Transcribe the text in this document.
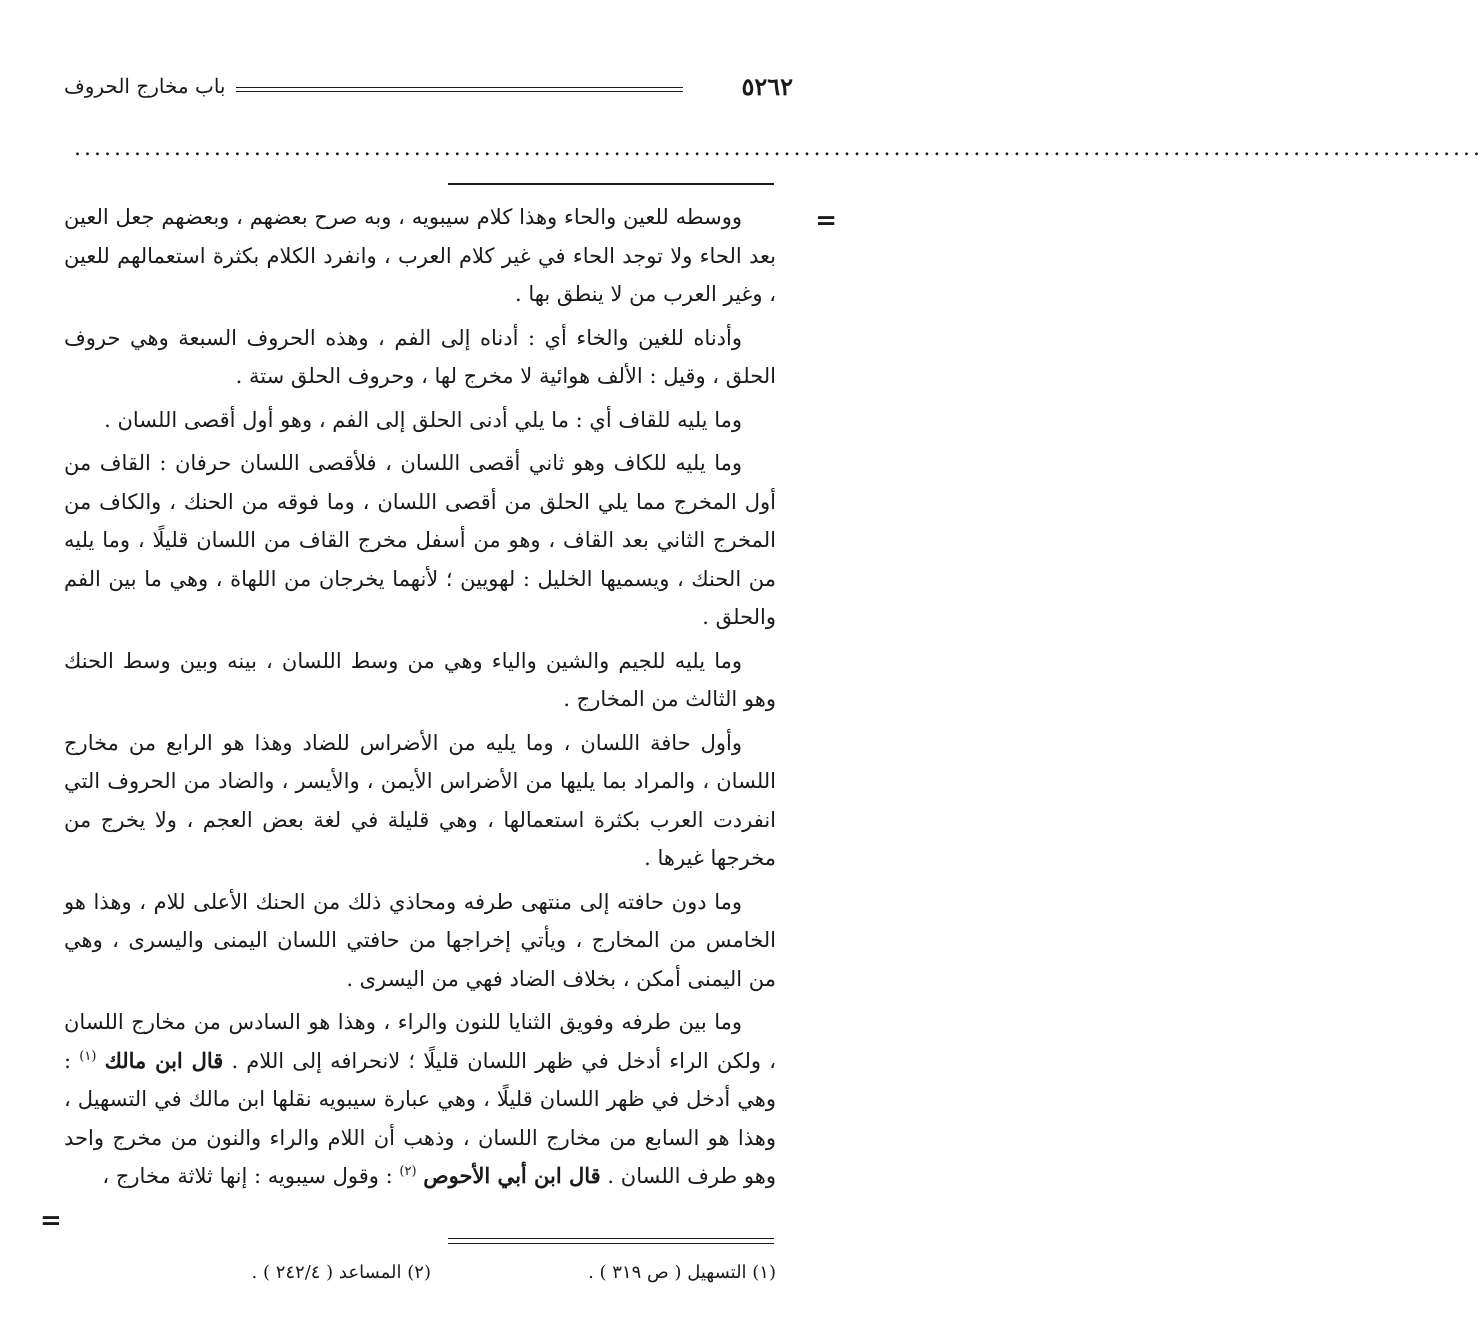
٥٢٦٢
باب مخارج الحروف
.............................................................................................................................................
=

ووسطه للعين والحاء وهذا كلام سيبويه ، وبه صرح بعضهم ، وبعضهم جعل العين بعد الحاء ولا توجد الحاء في غير كلام العرب ، وانفرد الكلام بكثرة استعمالهم للعين ، وغير العرب من لا ينطق بها .

وأدناه للغين والخاء أي : أدناه إلى الفم ، وهذه الحروف السبعة وهي حروف الحلق ، وقيل : الألف هوائية لا مخرج لها ، وحروف الحلق ستة .

وما يليه للقاف أي : ما يلي أدنى الحلق إلى الفم ، وهو أول أقصى اللسان .

وما يليه للكاف وهو ثاني أقصى اللسان ، فلأقصى اللسان حرفان : القاف من أول المخرج مما يلي الحلق من أقصى اللسان ، وما فوقه من الحنك ، والكاف من المخرج الثاني بعد القاف ، وهو من أسفل مخرج القاف من اللسان قليلًا ، وما يليه من الحنك ، ويسميها الخليل : لهويين ؛ لأنهما يخرجان من اللهاة ، وهي ما بين الفم والحلق .

وما يليه للجيم والشين والياء وهي من وسط اللسان ، بينه وبين وسط الحنك وهو الثالث من المخارج .

وأول حافة اللسان ، وما يليه من الأضراس للضاد وهذا هو الرابع من مخارج اللسان ، والمراد بما يليها من الأضراس الأيمن ، والأيسر ، والضاد من الحروف التي انفردت العرب بكثرة استعمالها ، وهي قليلة في لغة بعض العجم ، ولا يخرج من مخرجها غيرها .

وما دون حافته إلى منتهى طرفه ومحاذي ذلك من الحنك الأعلى للام ، وهذا هو الخامس من المخارج ، ويأتي إخراجها من حافتي اللسان اليمنى واليسرى ، وهي من اليمنى أمكن ، بخلاف الضاد فهي من اليسرى .

وما بين طرفه وفويق الثنايا للنون والراء ، وهذا هو السادس من مخارج اللسان ، ولكن الراء أدخل في ظهر اللسان قليلًا ؛ لانحرافه إلى اللام . قال ابن مالك $^{(١)}$ : وهي أدخل في ظهر اللسان قليلًا ، وهي عبارة سيبويه نقلها ابن مالك في التسهيل ، وهذا هو السابع من مخارج اللسان ، وذهب أن اللام والراء والنون من مخرج واحد وهو طرف اللسان . قال ابن أبي الأحوص $^{(٢)}$ : وقول سيبويه : إنها ثلاثة مخارج ،

=
(١) التسهيل ( ص ٣١٩ ) .
(٢) المساعد ( ٢٤٢/٤ ) .
